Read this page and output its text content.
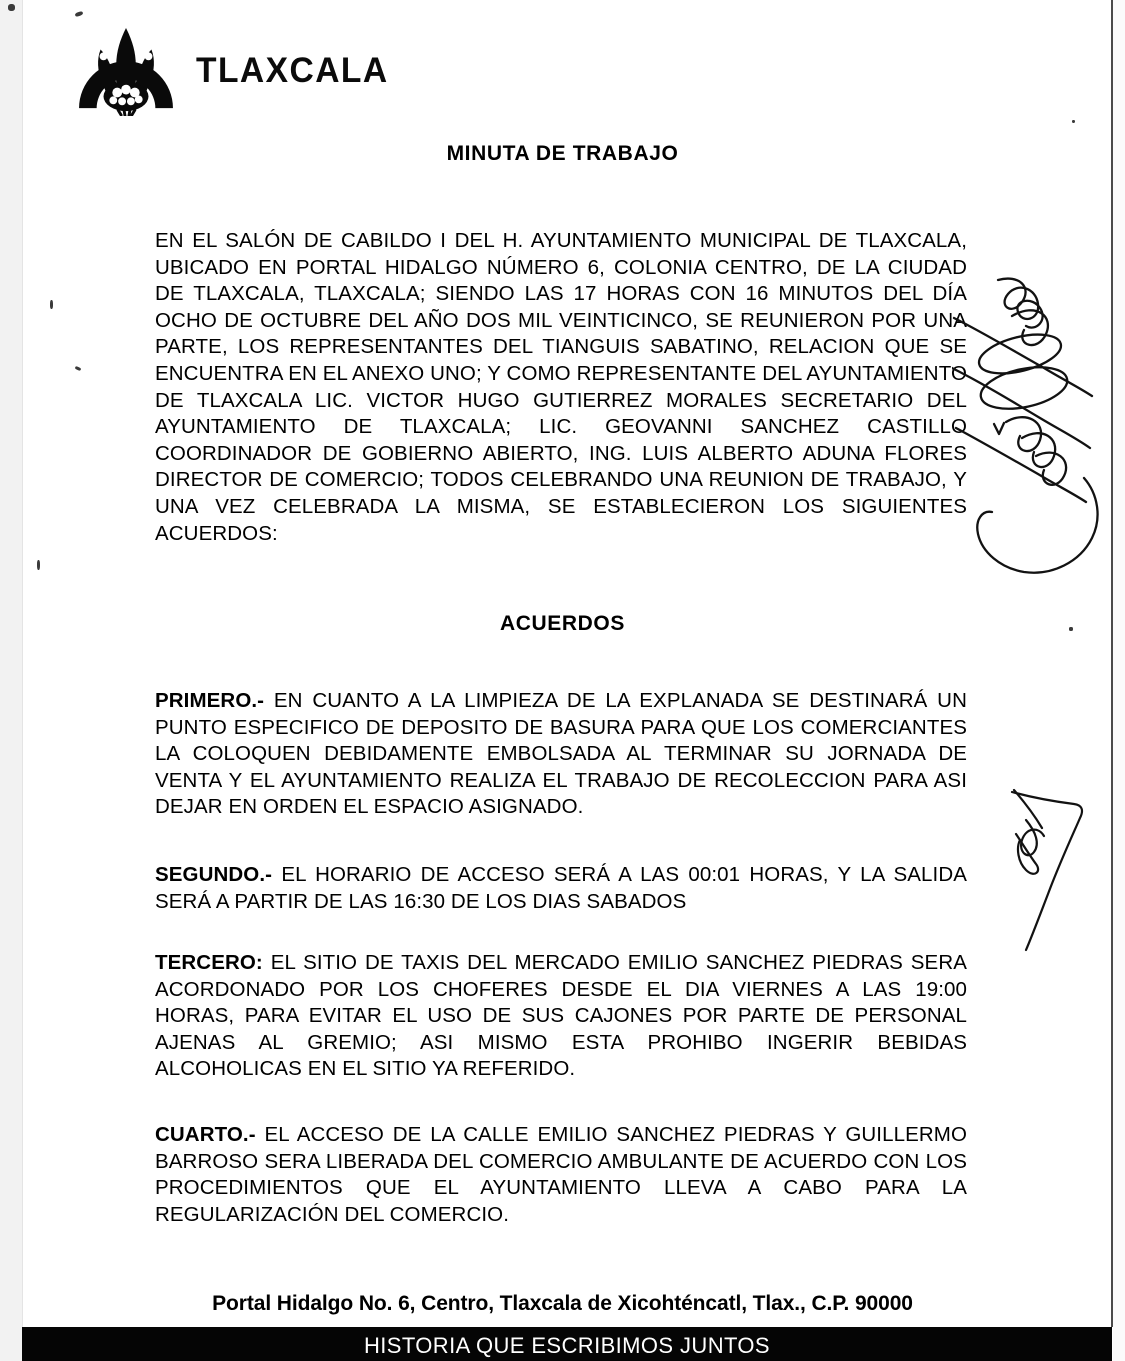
TLAXCALA
MINUTA DE TRABAJO
EN EL SALÓN DE CABILDO I DEL H. AYUNTAMIENTO MUNICIPAL DE TLAXCALA, UBICADO EN PORTAL HIDALGO NÚMERO 6, COLONIA CENTRO, DE LA CIUDAD DE TLAXCALA, TLAXCALA; SIENDO LAS 17 HORAS CON 16 MINUTOS DEL DÍA OCHO DE OCTUBRE DEL AÑO DOS MIL VEINTICINCO, SE REUNIERON POR UNA PARTE, LOS REPRESENTANTES DEL TIANGUIS SABATINO, RELACION QUE SE ENCUENTRA EN EL ANEXO UNO; Y COMO REPRESENTANTE DEL AYUNTAMIENTO DE TLAXCALA LIC. VICTOR HUGO GUTIERREZ MORALES SECRETARIO DEL AYUNTAMIENTO DE TLAXCALA; LIC. GEOVANNI SANCHEZ CASTILLO COORDINADOR DE GOBIERNO ABIERTO, ING. LUIS ALBERTO ADUNA FLORES DIRECTOR DE COMERCIO; TODOS CELEBRANDO UNA REUNION DE TRABAJO, Y UNA VEZ CELEBRADA LA MISMA, SE ESTABLECIERON LOS SIGUIENTES ACUERDOS:
ACUERDOS
PRIMERO.- EN CUANTO A LA LIMPIEZA DE LA EXPLANADA SE DESTINARÁ UN PUNTO ESPECIFICO DE DEPOSITO DE BASURA PARA QUE LOS COMERCIANTES LA COLOQUEN DEBIDAMENTE EMBOLSADA AL TERMINAR SU JORNADA DE VENTA Y EL AYUNTAMIENTO REALIZA EL TRABAJO DE RECOLECCION PARA ASI DEJAR EN ORDEN EL ESPACIO ASIGNADO.
SEGUNDO.- EL HORARIO DE ACCESO SERÁ A LAS 00:01 HORAS, Y LA SALIDA SERÁ A PARTIR DE LAS 16:30 DE LOS DIAS SABADOS
TERCERO: EL SITIO DE TAXIS DEL MERCADO EMILIO SANCHEZ PIEDRAS SERA ACORDONADO POR LOS CHOFERES DESDE EL DIA VIERNES A LAS 19:00 HORAS, PARA EVITAR EL USO DE SUS CAJONES POR PARTE DE PERSONAL AJENAS AL GREMIO; ASI MISMO ESTA PROHIBO INGERIR BEBIDAS ALCOHOLICAS EN EL SITIO YA REFERIDO.
CUARTO.- EL ACCESO DE LA CALLE EMILIO SANCHEZ PIEDRAS Y GUILLERMO BARROSO SERA LIBERADA DEL COMERCIO AMBULANTE DE ACUERDO CON LOS PROCEDIMIENTOS QUE EL AYUNTAMIENTO LLEVA A CABO PARA LA REGULARIZACIÓN DEL COMERCIO.
Portal Hidalgo No. 6, Centro, Tlaxcala de Xicohténcatl, Tlax., C.P. 90000
HISTORIA QUE ESCRIBIMOS JUNTOS
